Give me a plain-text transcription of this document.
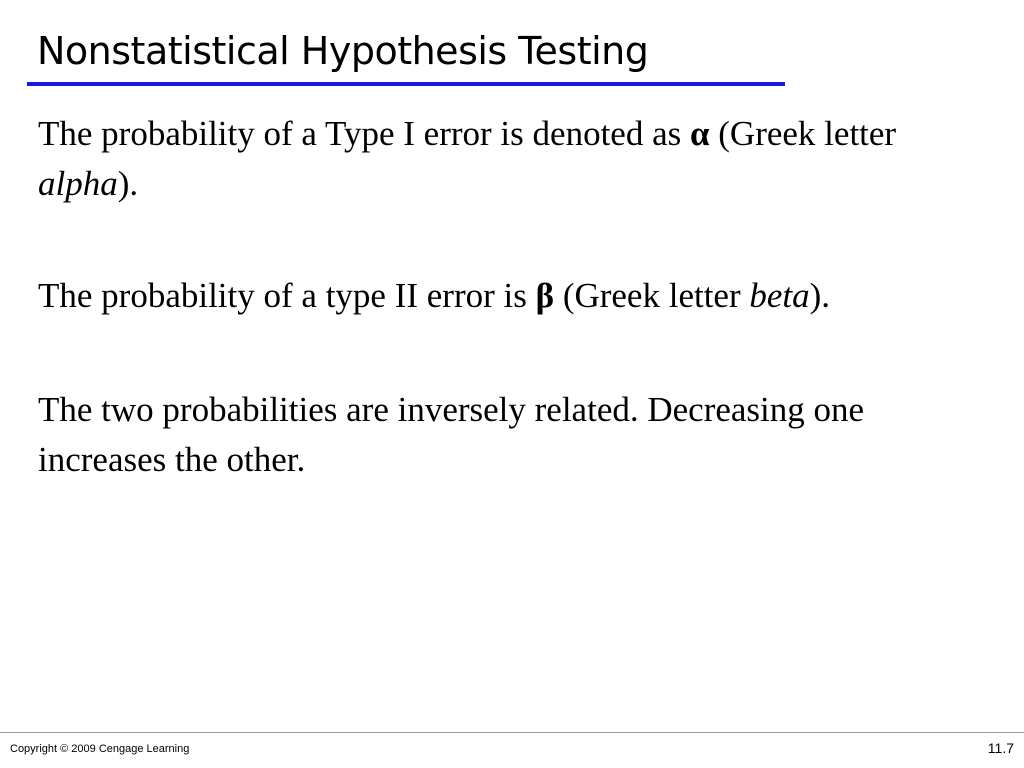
Nonstatistical Hypothesis Testing

The probability of a Type I error is denoted as α (Greek letter alpha).

The probability of a type II error is β (Greek letter beta).

The two probabilities are inversely related. Decreasing one increases the other.

Copyright © 2009 Cengage Learning	11.7
